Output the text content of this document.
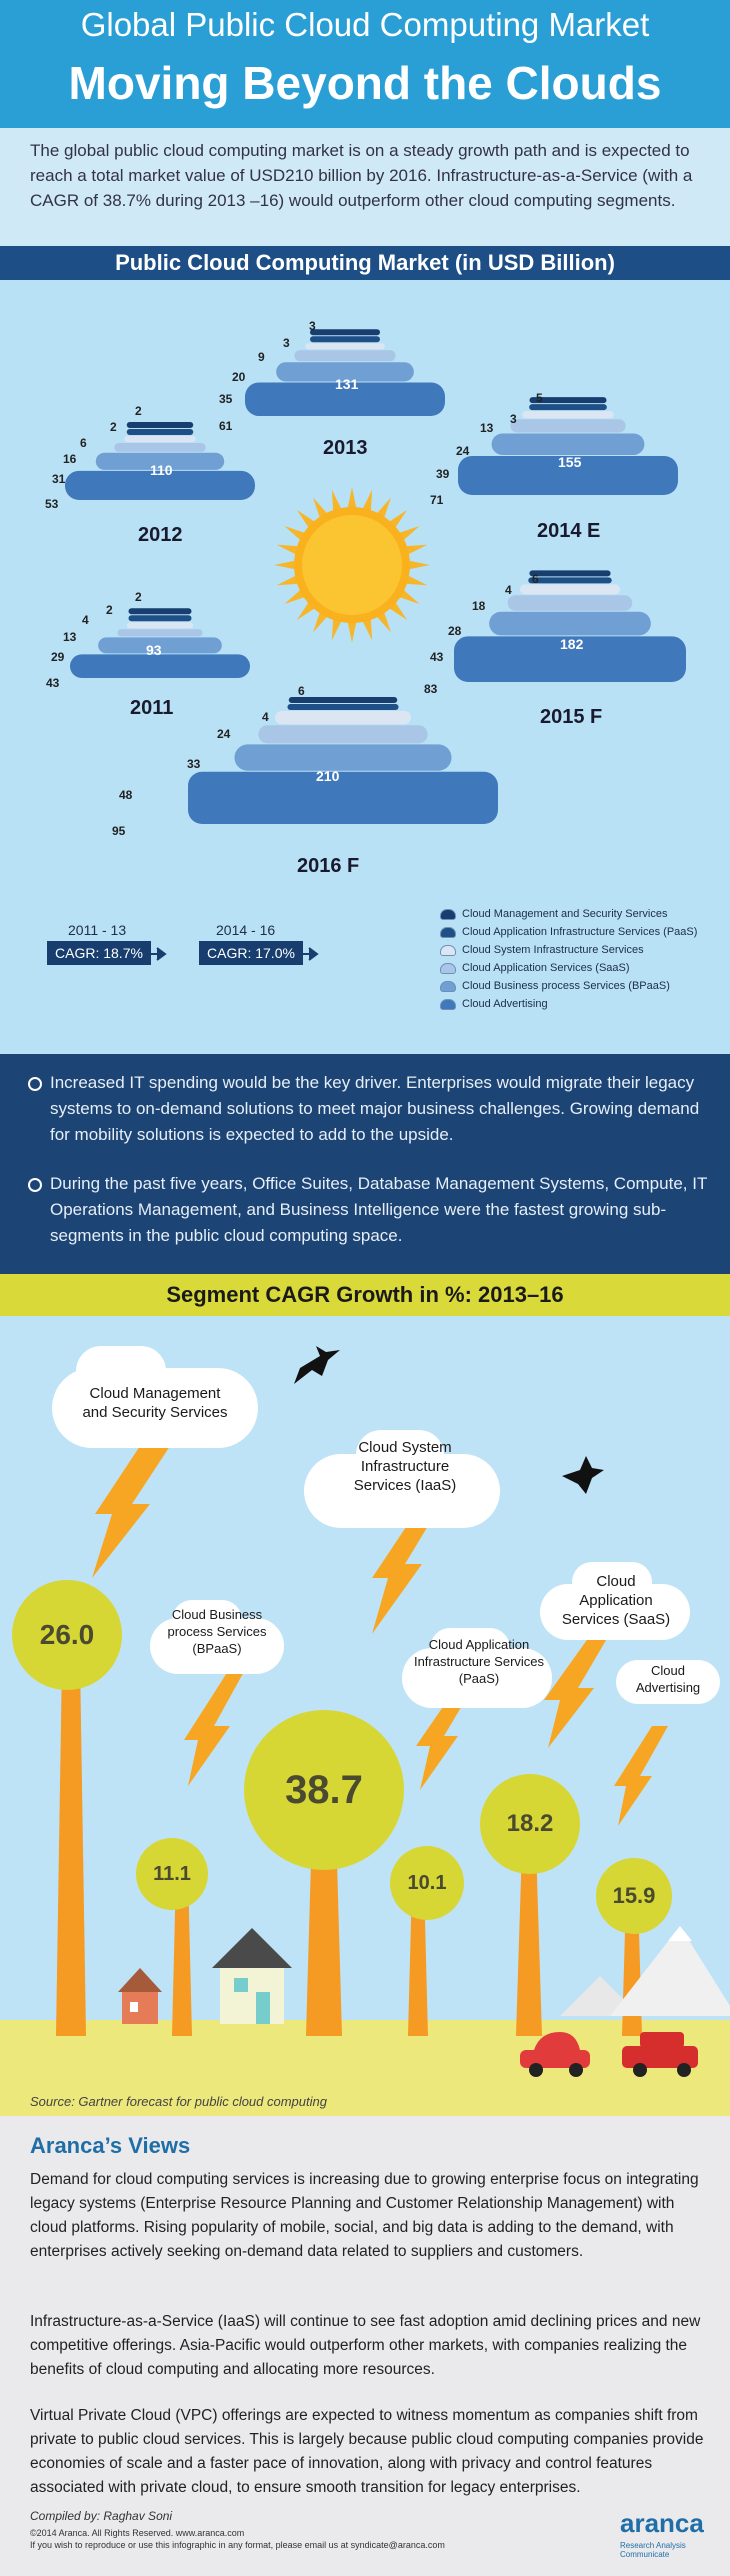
Global Public Cloud Computing Market
Moving Beyond the Clouds

The global public cloud computing market is on a steady growth path and is expected to reach a total market value of USD210 billion by 2016. Infrastructure-as-a-Service (with a CAGR of 38.7% during 2013 –16) would outperform other cloud computing segments.

Public Cloud Computing Market (in USD Billion)
2012
2013
2014 E
2011	2015 F
2016 F
110
131
155
93	182
210
53
31
16
6
2
2
61
35
20
9
3
3
71
39
24
13
3
5
43
29
13
4
2
2
83
43
28
18
4
6
95
48
33
24
4
6
2011 - 13
CAGR: 18.7%
2014 - 16
CAGR: 17.0%
Cloud Management and Security Services
Cloud Application Infrastructure Services (PaaS)
Cloud System Infrastructure Services
Cloud Application Services (SaaS)
Cloud Business process Services (BPaaS)
Cloud Advertising

Increased IT spending would be the key driver. Enterprises would migrate their legacy systems to on-demand solutions to meet major business challenges. Growing demand for mobility solutions is expected to add to the upside.

During the past five years, Office Suites, Database Management Systems, Compute, IT Operations Management, and Business Intelligence were the fastest growing sub-segments in the public cloud computing space.

Segment CAGR Growth in %: 2013–16
Cloud Management and Security Services
Cloud System Infrastructure Services (IaaS)
Cloud Business process Services (BPaaS)	Cloud Application Infrastructure Services (PaaS)
Cloud Application Services (SaaS)
Cloud Advertising
26.0
11.1
38.7
10.1
18.2
15.9
Source: Gartner forecast for public cloud computing
Aranca’s Views

Demand for cloud computing services is increasing due to growing enterprise focus on integrating legacy systems (Enterprise Resource Planning and Customer Relationship Management) with cloud platforms. Rising popularity of mobile, social, and big data is adding to the demand, with enterprises actively seeking on-demand data related to suppliers and customers.

Infrastructure-as-a-Service (IaaS) will continue to see fast adoption amid declining prices and new competitive offerings. Asia-Pacific would outperform other markets, with companies realizing the benefits of cloud computing and allocating more resources.

Virtual Private Cloud (VPC) offerings are expected to witness momentum as companies shift from private to public cloud services. This is largely because public cloud computing companies provide economies of scale and a faster pace of innovation, along with privacy and control features associated with private cloud, to ensure smooth transition for legacy enterprises.

Compiled by: Raghav Soni
©2014 Aranca. All Rights Reserved. www.aranca.com
If you wish to reproduce or use this infographic in any format, please email us at syndicate@aranca.com
aranca
Research Analysis Communicate
